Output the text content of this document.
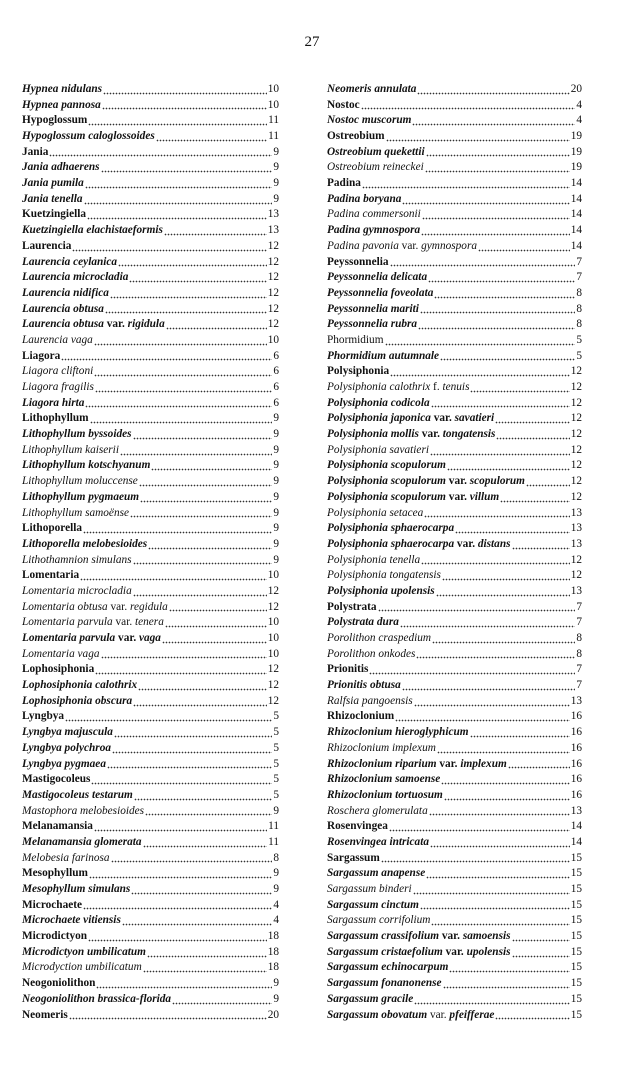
27
Hypnea nidulans	10
Hypnea pannosa	10
Hypoglossum	11
Hypoglossum caloglossoides	11
Jania	9
Jania adhaerens	9
Jania pumila	9
Jania tenella	9
Kuetzingiella	13
Kuetzingiella elachistaeformis	13
Laurencia	12
Laurencia ceylanica	12
Laurencia microcladia	12
Laurencia nidifica	12
Laurencia obtusa	12
Laurencia obtusa var. rigidula	12
Laurencia vaga	10
Liagora	6
Liagora cliftoni	6
Liagora fragilis	6
Liagora hirta	6
Lithophyllum	9
Lithophyllum byssoides	9
Lithophyllum kaiserii	9
Lithophyllum kotschyanum	9
Lithophyllum moluccense	9
Lithophyllum pygmaeum	9
Lithophyllum samoënse	9
Lithoporella	9
Lithoporella melobesioides	9
Lithothamnion simulans	9
Lomentaria	10
Lomentaria microcladia	12
Lomentaria obtusa var. regidula	12
Lomentaria parvula var. tenera	10
Lomentaria parvula var. vaga	10
Lomentaria vaga	10
Lophosiphonia	12
Lophosiphonia calothrix	12
Lophosiphonia obscura	12
Lyngbya	5
Lyngbya majuscula	5
Lyngbya polychroa	5
Lyngbya pygmaea	5
Mastigocoleus	5
Mastigocoleus testarum	5
Mastophora melobesioides	9
Melanamansia	11
Melanamansia glomerata	11
Melobesia farinosa	8
Mesophyllum	9
Mesophyllum simulans	9
Microchaete	4
Microchaete vitiensis	4
Microdictyon	18
Microdictyon umbilicatum	18
Microdyction umbilicatum	18
Neogoniolithon	9
Neogoniolithon brassica-florida	9
Neomeris	20
Neomeris annulata	20
Nostoc	4
Nostoc muscorum	4
Ostreobium	19
Ostreobium quekettii	19
Ostreobium reineckei	19
Padina	14
Padina boryana	14
Padina commersonii	14
Padina gymnospora	14
Padina pavonia var. gymnospora	14
Peyssonnelia	7
Peyssonnelia delicata	7
Peyssonnelia foveolata	8
Peyssonnelia mariti	8
Peyssonnelia rubra	8
Phormidium	5
Phormidium autumnale	5
Polysiphonia	12
Polysiphonia calothrix f. tenuis	12
Polysiphonia codicola	12
Polysiphonia japonica var. savatieri	12
Polysiphonia mollis var. tongatensis	12
Polysiphonia savatieri	12
Polysiphonia scopulorum	12
Polysiphonia scopulorum var. scopulorum	12
Polysiphonia scopulorum var. villum	12
Polysiphonia setacea	13
Polysiphonia sphaerocarpa	13
Polysiphonia sphaerocarpa var. distans	13
Polysiphonia tenella	12
Polysiphonia tongatensis	12
Polysiphonia upolensis	13
Polystrata	7
Polystrata dura	7
Porolithon craspedium	8
Porolithon onkodes	8
Prionitis	7
Prionitis obtusa	7
Ralfsia pangoensis	13
Rhizoclonium	16
Rhizoclonium hieroglyphicum	16
Rhizoclonium implexum	16
Rhizoclonium riparium var. implexum	16
Rhizoclonium samoense	16
Rhizoclonium tortuosum	16
Roschera glomerulata	13
Rosenvingea	14
Rosenvingea intricata	14
Sargassum	15
Sargassum anapense	15
Sargassum binderi	15
Sargassum cinctum	15
Sargassum corrifolium	15
Sargassum crassifolium var. samoensis	15
Sargassum cristaefolium var. upolensis	15
Sargassum echinocarpum	15
Sargassum fonanonense	15
Sargassum gracile	15
Sargassum obovatum var. pfeifferae	15
